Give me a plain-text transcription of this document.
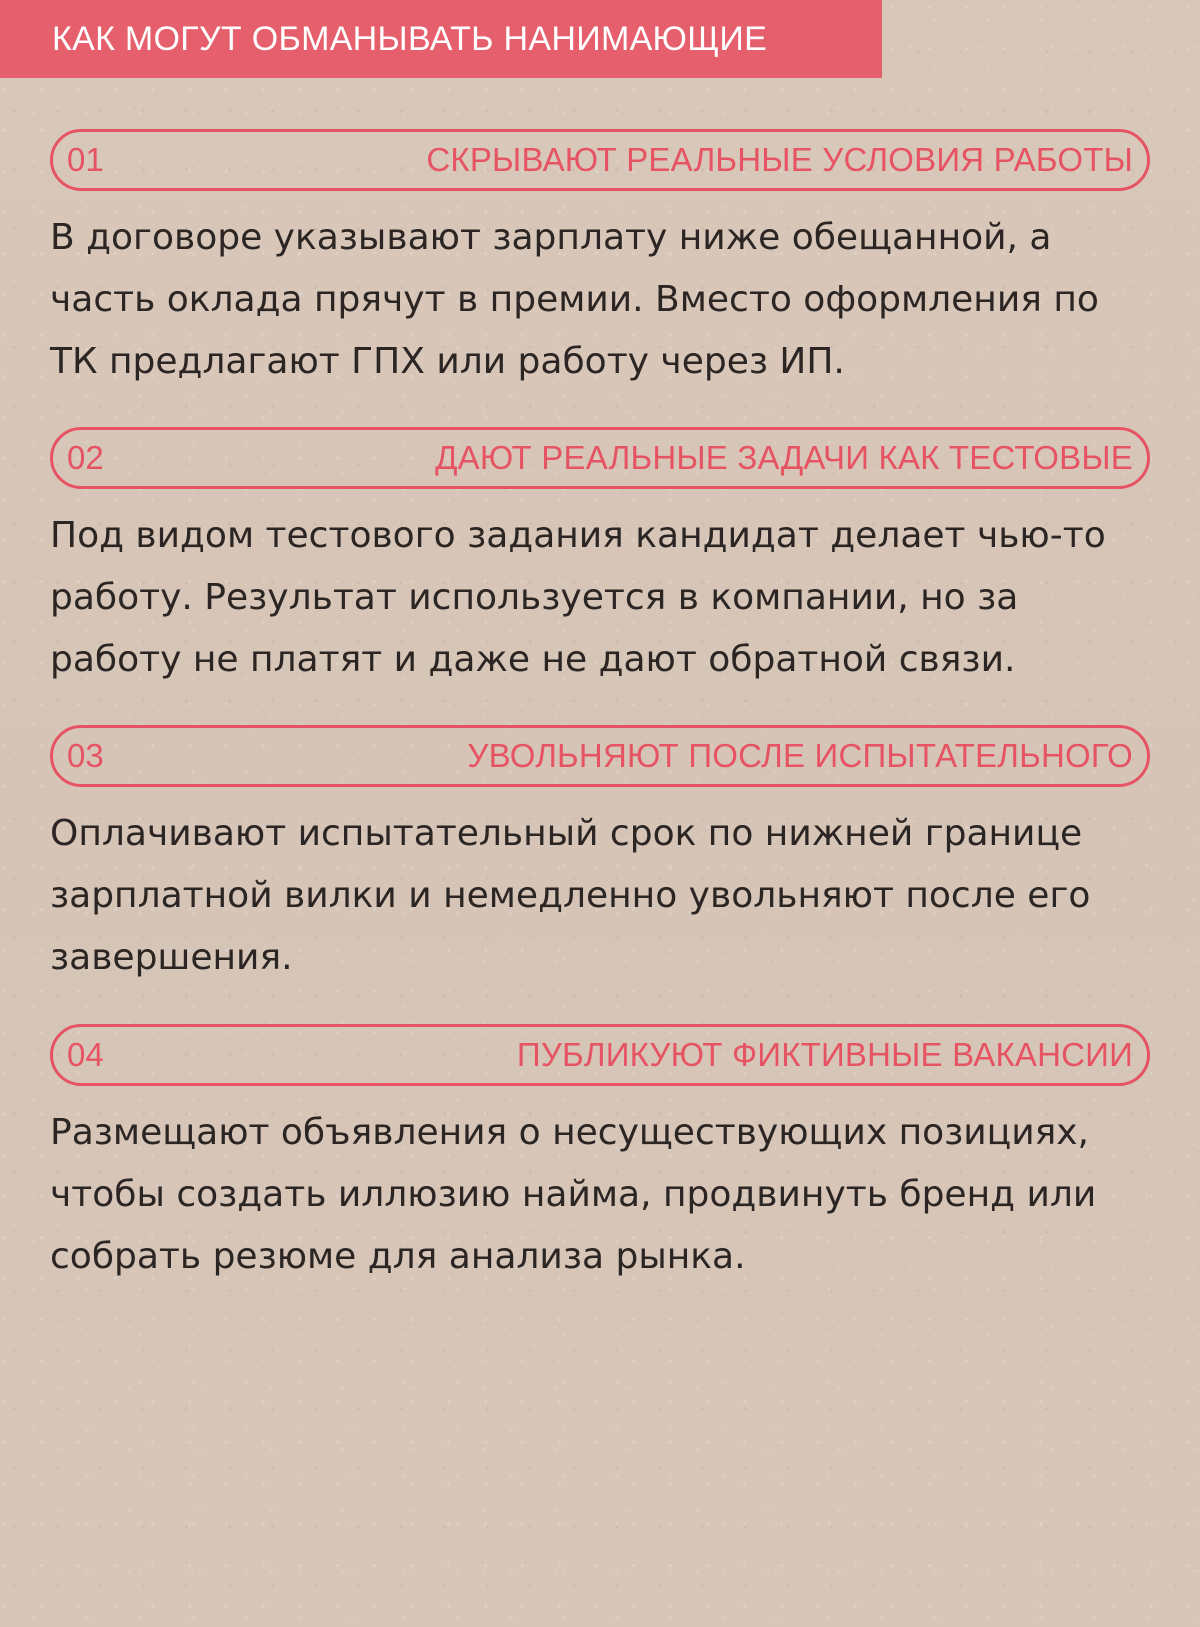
КАК МОГУТ ОБМАНЫВАТЬ НАНИМАЮЩИЕ
01	СКРЫВАЮТ РЕАЛЬНЫЕ УСЛОВИЯ РАБОТЫ

В договоре указывают зарплату ниже обещанной, а часть оклада прячут в премии. Вместо оформления по ТК предлагают ГПХ или работу через ИП.

02	ДАЮТ РЕАЛЬНЫЕ ЗАДАЧИ КАК ТЕСТОВЫЕ

Под видом тестового задания кандидат делает чью-то работу. Результат используется в компании, но за работу не платят и даже не дают обратной связи.

03	УВОЛЬНЯЮТ ПОСЛЕ ИСПЫТАТЕЛЬНОГО

Оплачивают испытательный срок по нижней границе зарплатной вилки и немедленно увольняют после его завершения.

04	ПУБЛИКУЮТ ФИКТИВНЫЕ ВАКАНСИИ

Размещают объявления о несуществующих позициях, чтобы создать иллюзию найма, продвинуть бренд или собрать резюме для анализа рынка.
